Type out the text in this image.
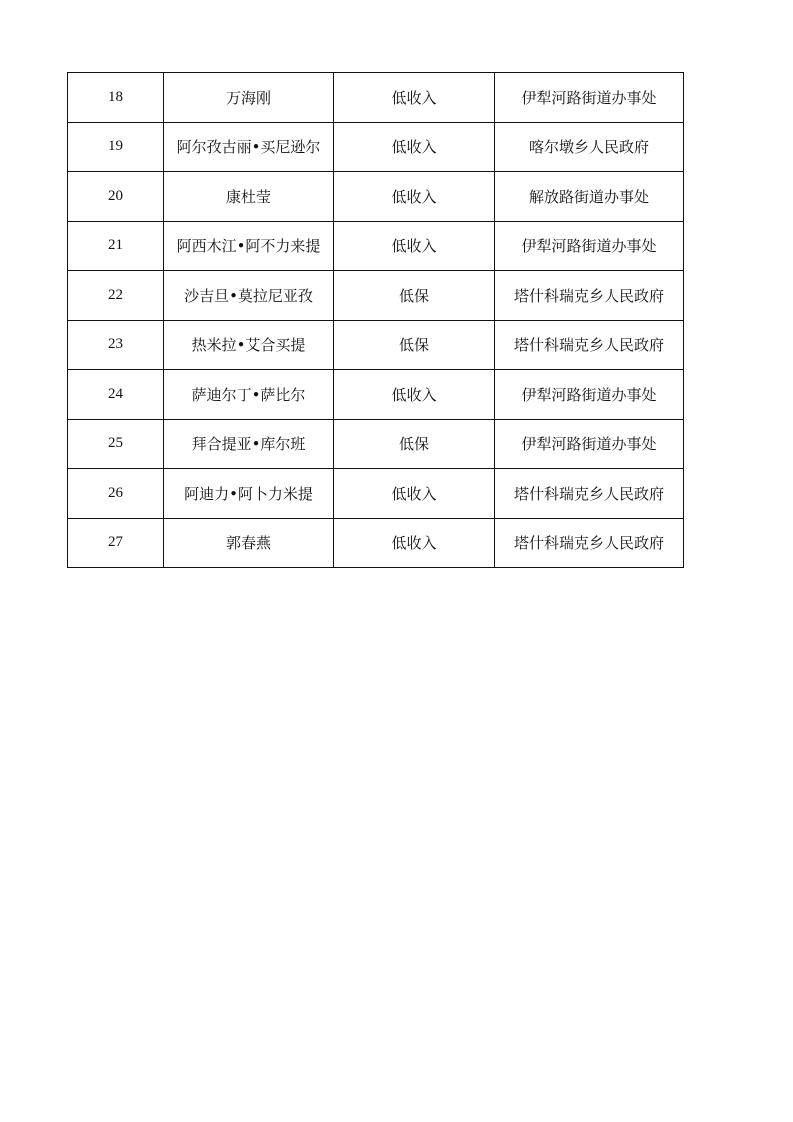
18	万海刚	低收入	伊犁河路街道办事处
19	阿尔孜古丽•买尼逊尔	低收入	喀尔墩乡人民政府
20	康杜莹	低收入	解放路街道办事处
21	阿西木江•阿不力来提	低收入	伊犁河路街道办事处
22	沙吉旦•莫拉尼亚孜	低保	塔什科瑞克乡人民政府
23	热米拉•艾合买提	低保	塔什科瑞克乡人民政府
24	萨迪尔丁•萨比尔	低收入	伊犁河路街道办事处
25	拜合提亚•库尔班	低保	伊犁河路街道办事处
26	阿迪力•阿卜力米提	低收入	塔什科瑞克乡人民政府
27	郭春燕	低收入	塔什科瑞克乡人民政府
